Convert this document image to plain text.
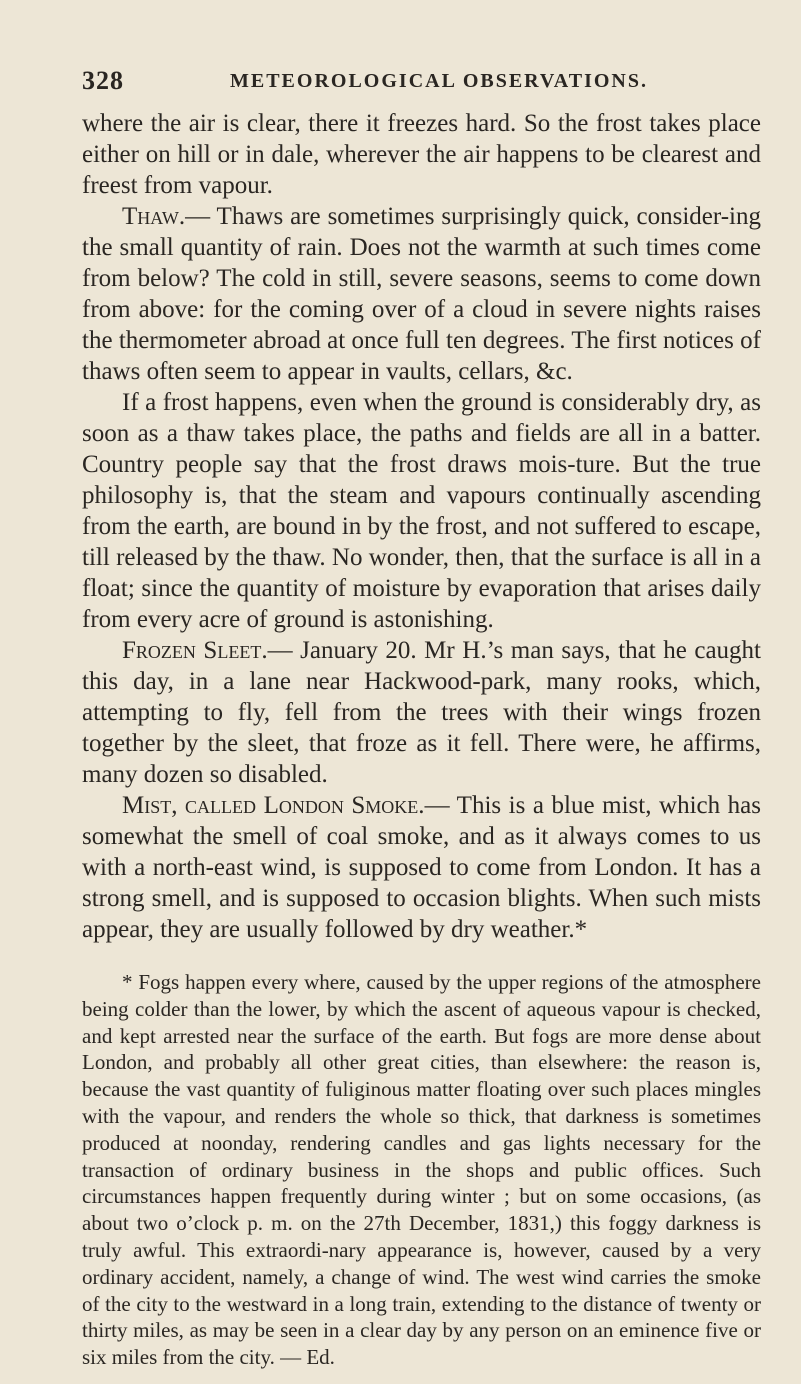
328	METEOROLOGICAL OBSERVATIONS.

where the air is clear, there it freezes hard. So the frost takes place either on hill or in dale, wherever the air happens to be clearest and freest from vapour.

Thaw.— Thaws are sometimes surprisingly quick, consider-ing the small quantity of rain. Does not the warmth at such times come from below? The cold in still, severe seasons, seems to come down from above: for the coming over of a cloud in severe nights raises the thermometer abroad at once full ten degrees. The first notices of thaws often seem to appear in vaults, cellars, &c.

If a frost happens, even when the ground is considerably dry, as soon as a thaw takes place, the paths and fields are all in a batter. Country people say that the frost draws mois-ture. But the true philosophy is, that the steam and vapours continually ascending from the earth, are bound in by the frost, and not suffered to escape, till released by the thaw. No wonder, then, that the surface is all in a float; since the quantity of moisture by evaporation that arises daily from every acre of ground is astonishing.

Frozen Sleet.— January 20. Mr H.’s man says, that he caught this day, in a lane near Hackwood-park, many rooks, which, attempting to fly, fell from the trees with their wings frozen together by the sleet, that froze as it fell. There were, he affirms, many dozen so disabled.

Mist, called London Smoke.— This is a blue mist, which has somewhat the smell of coal smoke, and as it always comes to us with a north-east wind, is supposed to come from London. It has a strong smell, and is supposed to occasion blights. When such mists appear, they are usually followed by dry weather.*

* Fogs happen every where, caused by the upper regions of the atmosphere being colder than the lower, by which the ascent of aqueous vapour is checked, and kept arrested near the surface of the earth. But fogs are more dense about London, and probably all other great cities, than elsewhere: the reason is, because the vast quantity of fuliginous matter floating over such places mingles with the vapour, and renders the whole so thick, that darkness is sometimes produced at noonday, rendering candles and gas lights necessary for the transaction of ordinary business in the shops and public offices. Such circumstances happen frequently during winter ; but on some occasions, (as about two o’clock p. m. on the 27th December, 1831,) this foggy darkness is truly awful. This extraordi-nary appearance is, however, caused by a very ordinary accident, namely, a change of wind. The west wind carries the smoke of the city to the westward in a long train, extending to the distance of twenty or thirty miles, as may be seen in a clear day by any person on an eminence five or six miles from the city. — Ed.
